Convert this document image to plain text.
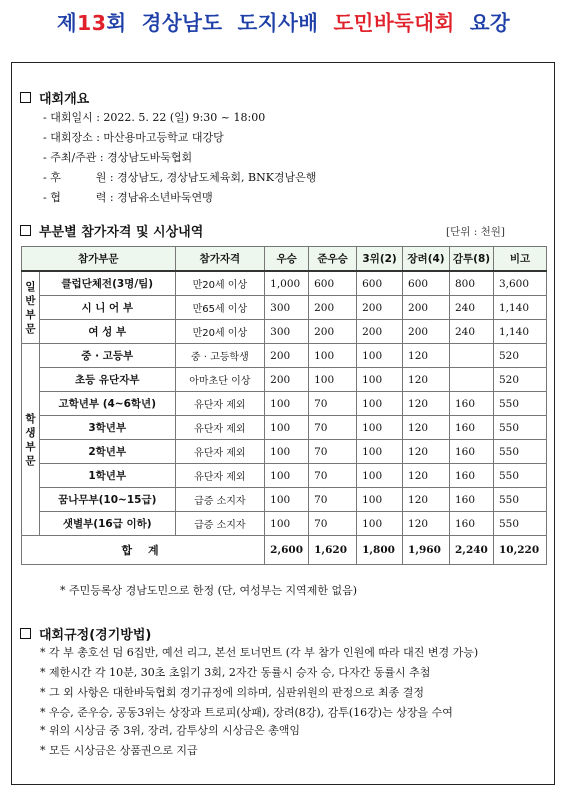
제13회  경상남도  도지사배  도민바둑대회  요강
대회개요
- 대회일시 : 2022. 5. 22 (일) 9:30 ~ 18:00
- 대회장소 : 마산용마고등학교 대강당
- 주최/주관 : 경상남도바둑협회
- 후          원 : 경상남도, 경상남도체육회, BNK경남은행
- 협          력 : 경남유소년바둑연맹
부분별 참가자격 및 시상내역	[단위 : 천원]
참가부문		참가자격	우승	준우승	3위(2)	장려(4)	감투(8)	비고

일
반
부
문	클럽단체전(3명/팀)	만20세 이상	1,000	600	600	600	800	3,600
	시 니 어 부	만65세 이상	300	200	200	200	240	1,140
	여 성 부	만20세 이상	300	200	200	200	240	1,140

학
생
부
문	중 · 고등부	중 · 고등학생	200	100	100	120		520
	초등 유단자부	아마초단 이상	200	100	100	120		520
	고학년부 (4~6학년)	유단자 제외	100	70	100	120	160	550
	3학년부	유단자 제외	100	70	100	120	160	550
	2학년부	유단자 제외	100	70	100	120	160	550
	1학년부	유단자 제외	100	70	100	120	160	550
	꿈나무부(10~15급)	급증 소지자	100	70	100	120	160	550
	샛별부(16급 이하)	급증 소지자	100	70	100	120	160	550
합 계			2,600	1,620	1,800	1,960	2,240	10,220
* 주민등록상 경남도민으로 한정 (단, 여성부는 지역제한 없음)
대회규정(경기방법)
* 각 부 총호선 덤 6집반, 예선 리그, 본선 토너먼트 (각 부 참가 인원에 따라 대진 변경 가능)
* 제한시간 각 10분, 30초 초읽기 3회, 2자간 동률시 승자 승, 다자간 동률시 추첨
* 그 외 사항은 대한바둑협회 경기규정에 의하며, 심판위원의 판정으로 최종 결정
* 우승, 준우승, 공동3위는 상장과 트로피(상패), 장려(8강), 감투(16강)는 상장을 수여
* 위의 시상금 중 3위, 장려, 감투상의 시상금은 총액임
* 모든 시상금은 상품권으로 지급
